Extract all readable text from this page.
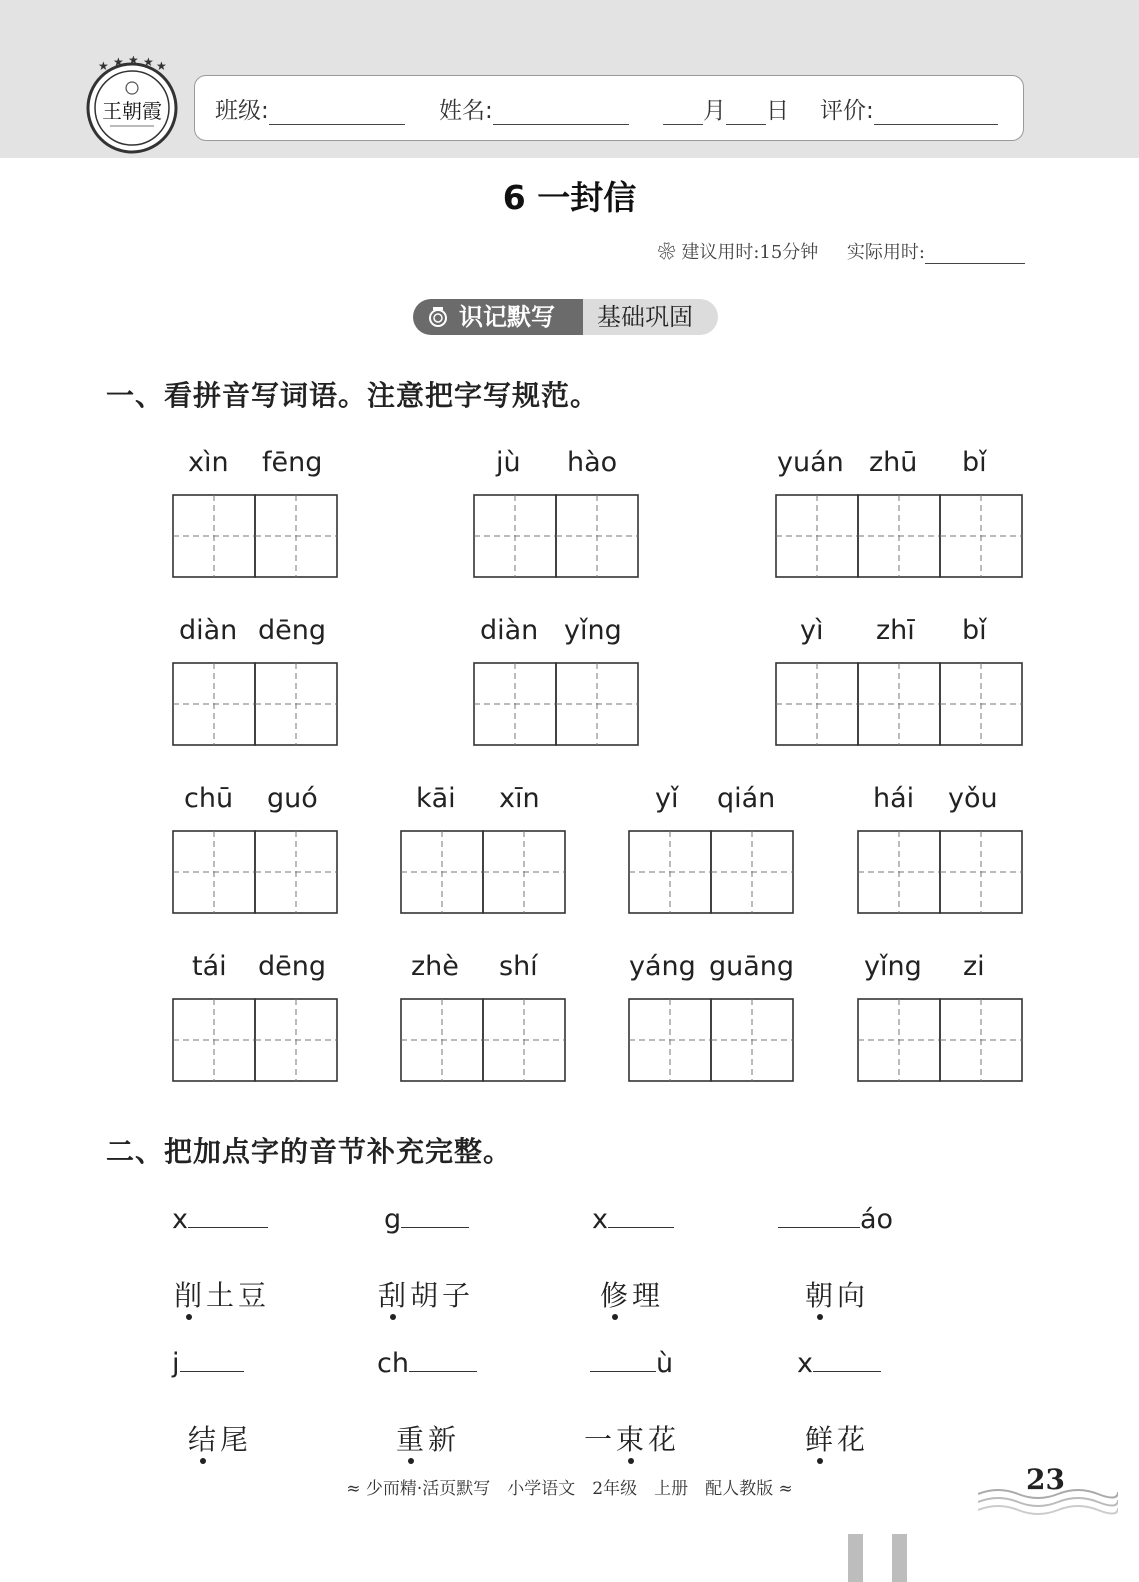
★ ★ ★ ★ ★
王朝霞 班级:	姓名:	月 日 评价:
6 一封信
❀ 建议用时:15分钟 实际用时:
基础巩固
识记默写
一、看拼音写词语。注意把字写规范。
xìn fēng	jù hào	yuán zhū bǐ
diàn dēng	diàn yǐng	yì zhī bǐ
chū guó	kāi xīn	yǐ qián	hái yǒu
tái dēng	zhè shí	yáng guāng	yǐng zi
二、把加点字的音节补充完整。
x
削土豆
g
刮胡子
x
修理
áo
朝向
j
结尾
ch
重新
ù
一束花
x
鲜花
≈ 少而精·活页默写　小学语文　2年级　上册　配人教版 ≈	23
